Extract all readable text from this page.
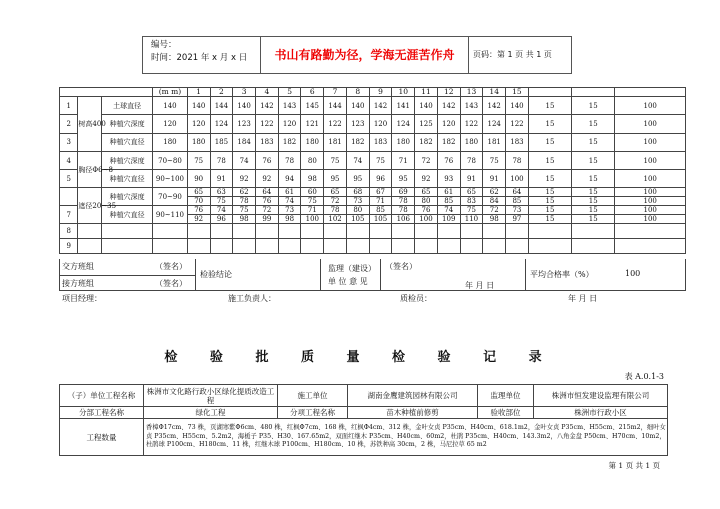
编号：
时间：2021 年 x 月 x 日	书山有路勤为径，学海无涯苦作舟	页码：第 1 页 共 1 页
			(m m)	1	2	3	4	5	6	7	8	9	10	11	12	13	14	15			
1	树高400	土球直径	140	140	144	140	142	143	145	144	140	142	141	140	142	143	142	140	15	15	100
2		种植穴深度	120	120	124	123	122	120	121	122	123	120	124	125	120	122	124	122	15	15	100
3		种植穴直径	180	180	185	184	183	182	180	181	182	183	180	182	182	180	181	183	15	15	100
4	胸径Φ6~8	种植穴深度	70~80	75	78	74	76	78	80	75	74	75	71	72	76	78	75	78	15	15	100
5		种植穴直径	90~100	90	91	92	92	94	98	95	95	96	95	92	93	91	91	100	15	15	100
	遮径20~35	种植穴深度	70~90	65	63	62	64	61	60	65	68	67	69	65	61	65	62	64	15	15	100
				70	75	78	76	74	75	72	73	71	78	80	85	83	84	85	15	15	100
7		种植穴直径	90~110	76	74	75	72	73	71	78	80	85	78	76	74	75	72	73	15	15	100
				92	96	98	99	98	100	102	105	105	106	100	109	110	98	97	15	15	100
8																					
9																					
交方班组	（签名）
接方班组	（签名）
检验结论
监理（建设）
单 位 意 见
（签名）
年 月 日
平均合格率（%）	100
项目经理：	施工负责人：	质检员：	年 月 日
检 验 批 质 量 检 验 记 录
表 A.0.1-3
（子）单位工程名称	株洲市文化路行政小区绿化提质改造工程	施工单位	湖南金鹰建筑园林有限公司	监理单位	株洲市恒发建设监理有限公司
分部工程名称	绿化工程	分项工程名称	苗木种植前修剪	验收部位	株洲市行政小区
工程数量	香樟Φ17cm、73 株，页湖寒紫Φ6cm、480 株，红枫Φ7cm、168 株，红枫Φ4cm、312 株，金叶女贞 P35cm、H40cm、618.1m2，金叶女贞 P35cm、H55cm、215m2，细叶女贞 P35cm、H55cm、5.2m2，海栀子 P35、H30、167.65m2，双面红继木 P35cm、H40cm、60m2，杜鹃 P35cm、H40cm、143.3m2，八角金盘 P50cm、H70cm、10m2，杜鹃球 P100cm、H180cm、11 株，红继木球 P100cm、H180cm、10 株，苏铁种高 30cm，2 株，马尼拉草 65 m2				
第 1 页 共 1 页
